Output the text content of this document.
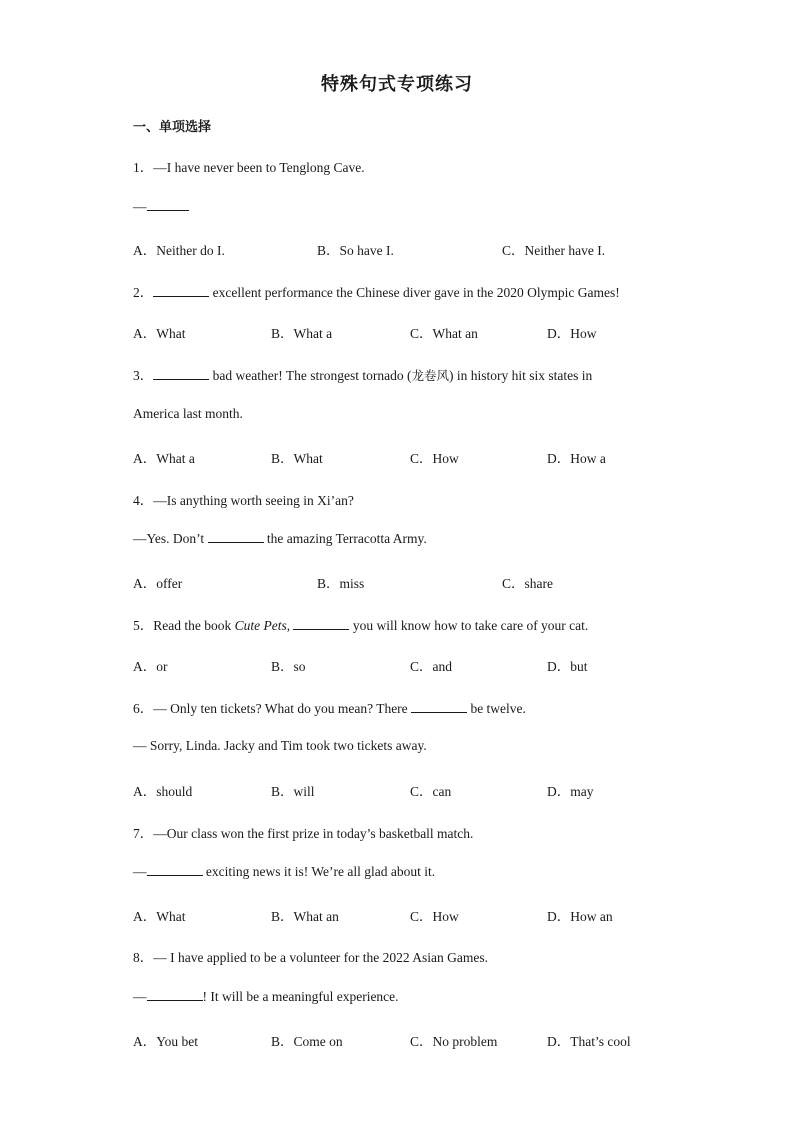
特殊句式专项练习
一、单项选择
1．—I have never been to Tenglong Cave.
—
A．Neither do I.	B．So have I.	C．Neither have I.
2．	excellent performance the Chinese diver gave in the 2020 Olympic Games!
A．What	B．What a	C．What an	D．How
3．	bad weather! The strongest tornado (龙卷风) in history hit six states in
America last month.
A．What a	B．What	C．How	D．How a
4．—Is anything worth seeing in Xi’an?
—Yes. Don’t	the amazing Terracotta Army.
A．offer	B．miss	C．share
5．Read the book Cute Pets,	you will know how to take care of your cat.
A．or	B．so	C．and	D．but
6．— Only ten tickets? What do you mean? There	be twelve.
— Sorry, Linda. Jacky and Tim took two tickets away.
A．should	B．will	C．can	D．may
7．—Our class won the first prize in today’s basketball match.
—	exciting news it is! We’re all glad about it.
A．What	B．What an	C．How	D．How an
8．— I have applied to be a volunteer for the 2022 Asian Games.
—	! It will be a meaningful experience.
A．You bet	B．Come on	C．No problem	D．That’s cool
